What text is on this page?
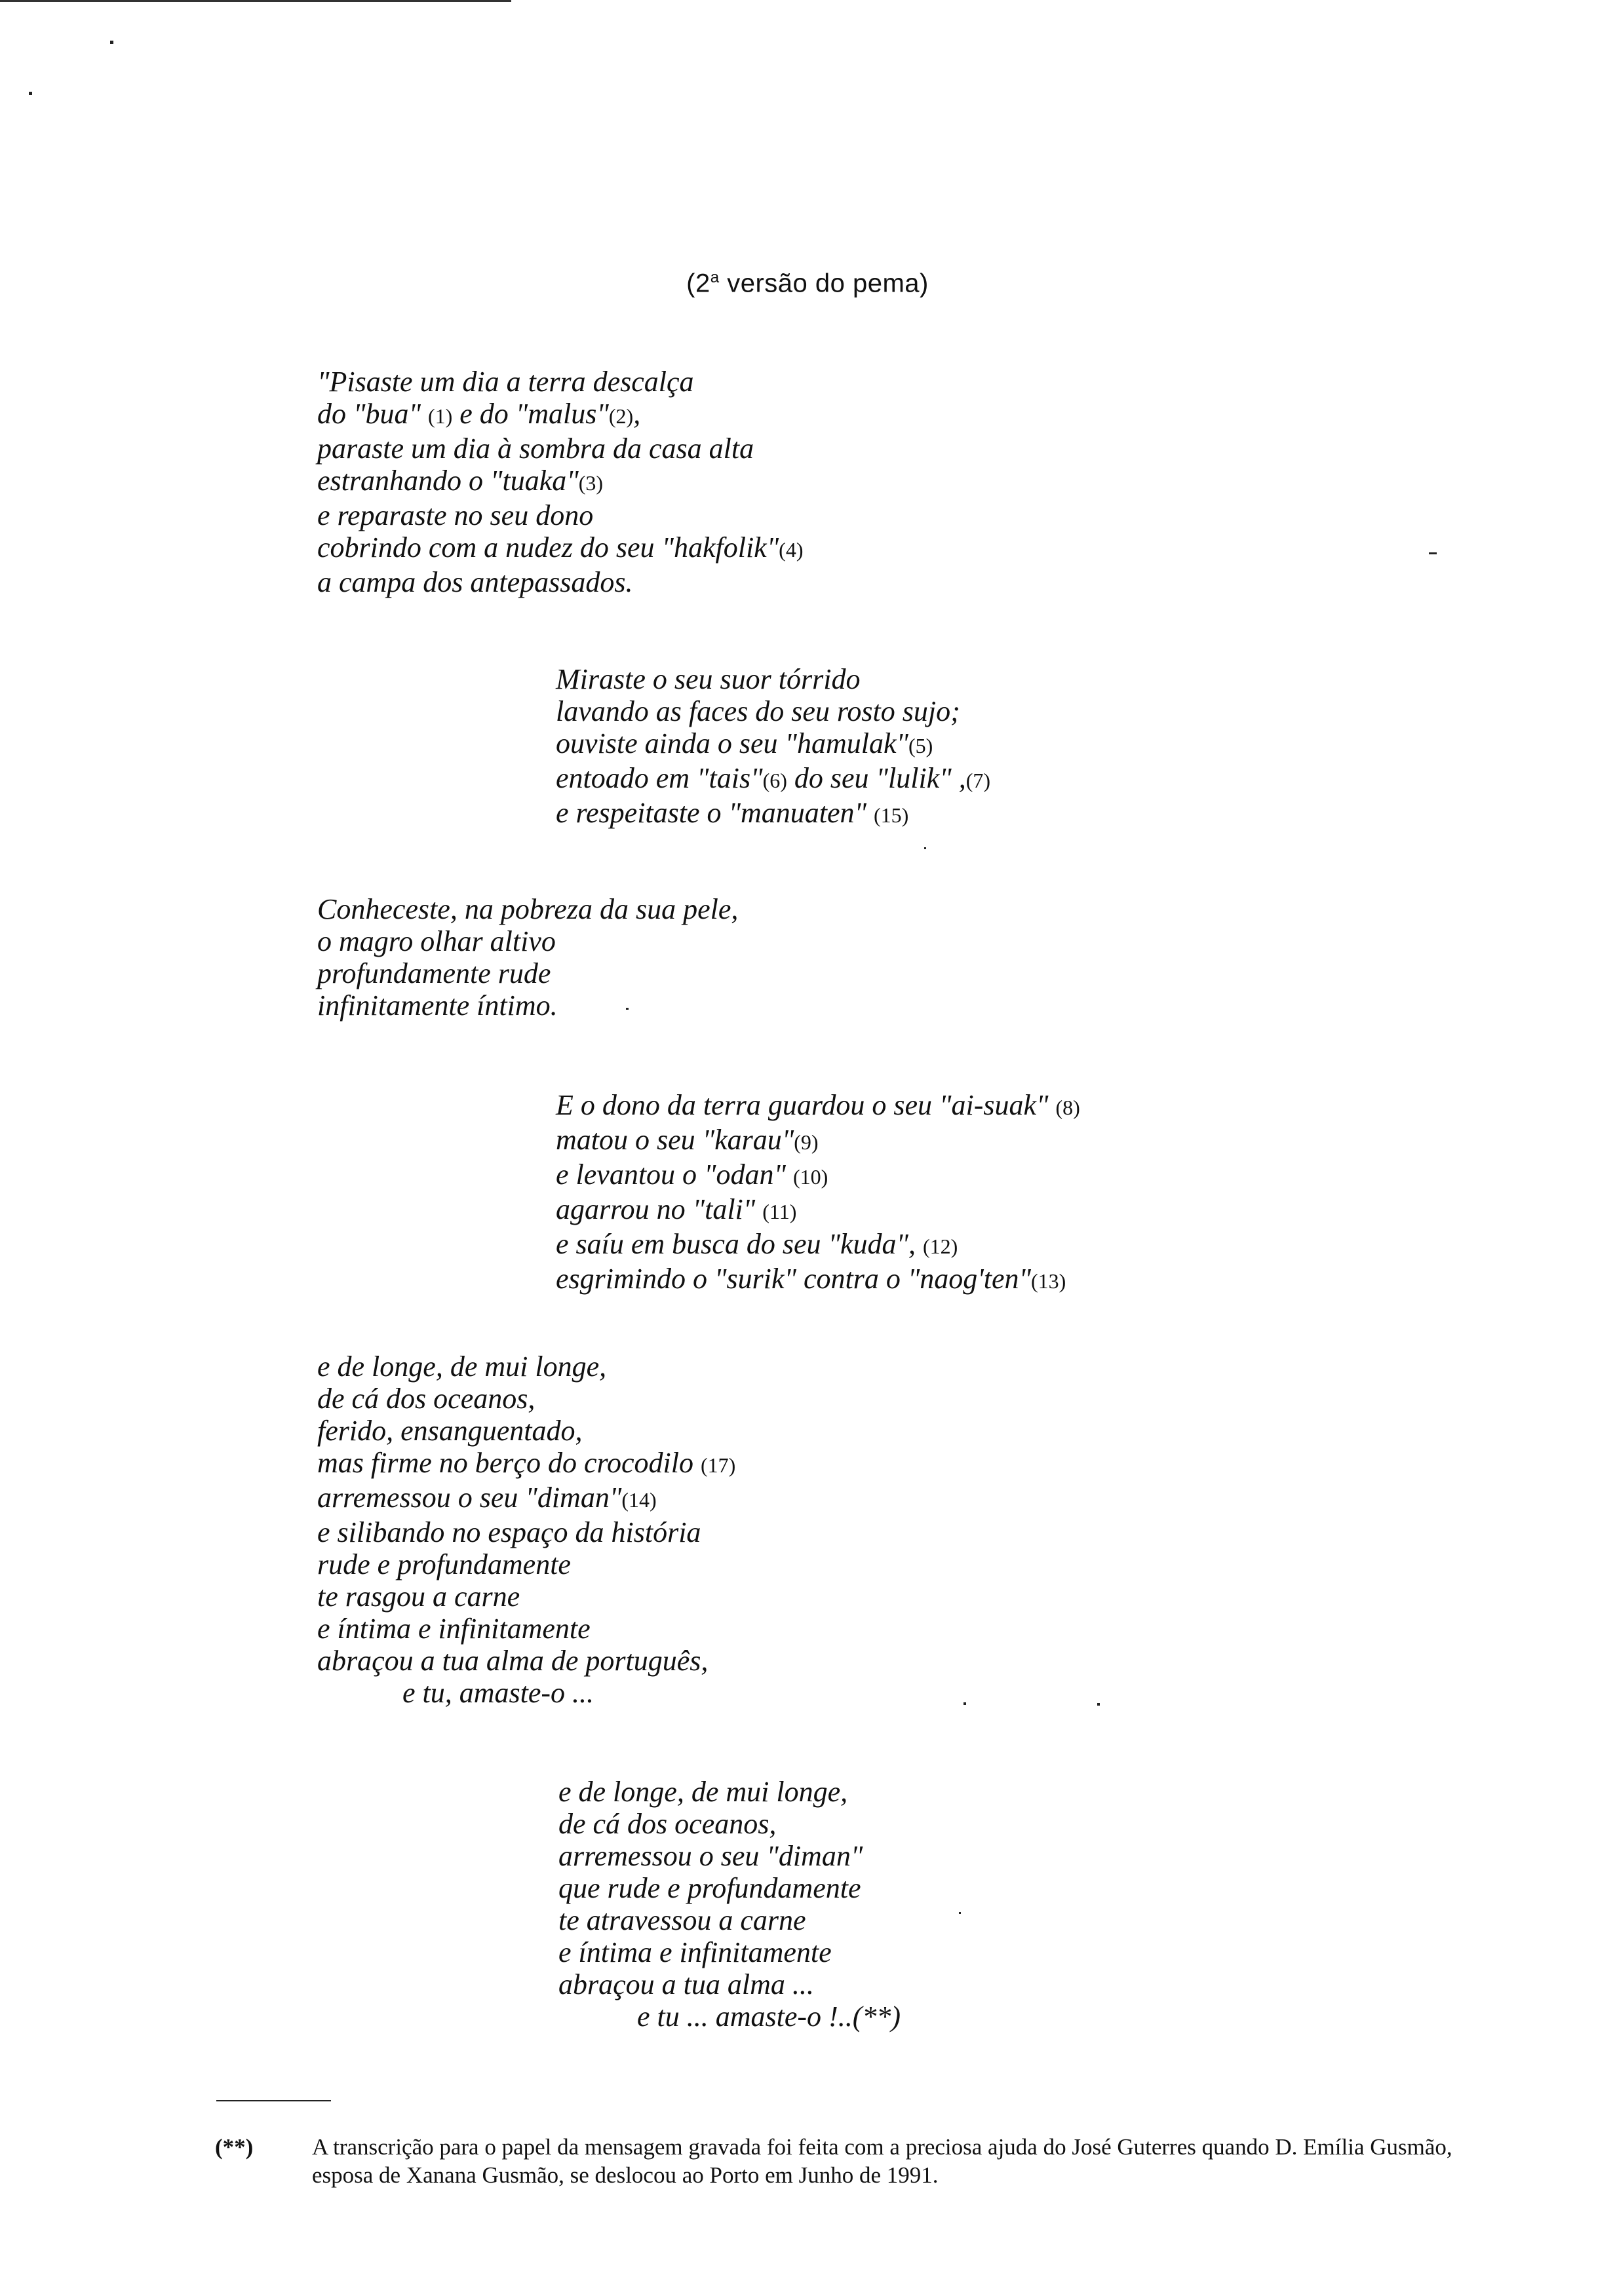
(2$^a$ versão do pema)
"Pisaste um dia a terra descalça
do "bua" (1) e do "malus"(2),
paraste um dia à sombra da casa alta
estranhando o "tuaka"(3)
e reparaste no seu dono
cobrindo com a nudez do seu "hakfolik"(4)
a campa dos antepassados.
Miraste o seu suor tórrido
lavando as faces do seu rosto sujo;
ouviste ainda o seu "hamulak"(5)
entoado em "tais"(6) do seu "lulik" ,(7)
e respeitaste o "manuaten" (15)
Conheceste, na pobreza da sua pele,
o magro olhar altivo
profundamente rude
infinitamente íntimo.
E o dono da terra guardou o seu "ai-suak" (8)
matou o seu "karau"(9)
e levantou o "odan" (10)
agarrou no "tali" (11)
e saíu em busca do seu "kuda", (12)
esgrimindo o "surik" contra o "naog'ten"(13)
e de longe, de mui longe,
de cá dos oceanos,
ferido, ensanguentado,
mas firme no berço do crocodilo (17)
arremessou o seu "diman"(14)
e silibando no espaço da história
rude e profundamente
te rasgou a carne
e íntima e infinitamente
abraçou a tua alma de português,
e tu, amaste-o ...
e de longe, de mui longe,
de cá dos oceanos,
arremessou o seu "diman"
que rude e profundamente
te atravessou a carne
e íntima e infinitamente
abraçou a tua alma ...
e tu ... amaste-o !..(**)
(**)	A transcrição para o papel da mensagem gravada foi feita com a preciosa ajuda do José Guterres quando D. Emília Gusmão, esposa de Xanana Gusmão, se deslocou ao Porto em Junho de 1991.
